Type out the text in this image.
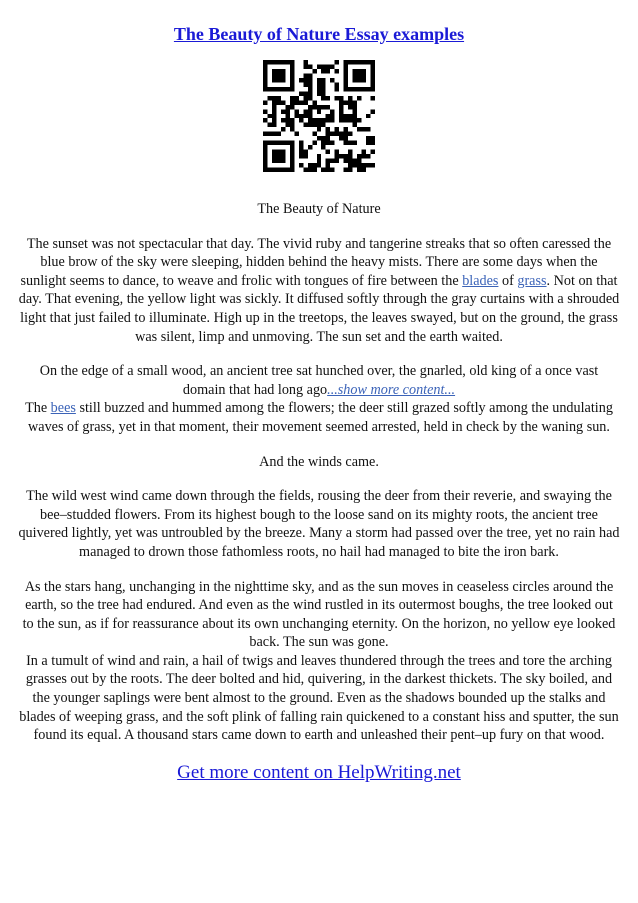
The Beauty of Nature Essay examples

The Beauty of Nature

The sunset was not spectacular that day. The vivid ruby and tangerine streaks that so often caressed the blue brow of the sky were sleeping, hidden behind the heavy mists. There are some days when the sunlight seems to dance, to weave and frolic with tongues of fire between the blades of grass. Not on that day. That evening, the yellow light was sickly. It diffused softly through the gray curtains with a shrouded light that just failed to illuminate. High up in the treetops, the leaves swayed, but on the ground, the grass was silent, limp and unmoving. The sun set and the earth waited.

On the edge of a small wood, an ancient tree sat hunched over, the gnarled, old king of a once vast domain that had long ago...show more content...

The bees still buzzed and hummed among the flowers; the deer still grazed softly among the undulating waves of grass, yet in that moment, their movement seemed arrested, held in check by the waning sun.

And the winds came.

The wild west wind came down through the fields, rousing the deer from their reverie, and swaying the bee–studded flowers. From its highest bough to the loose sand on its mighty roots, the ancient tree quivered lightly, yet was untroubled by the breeze. Many a storm had passed over the tree, yet no rain had managed to drown those fathomless roots, no hail had managed to bite the iron bark.

As the stars hang, unchanging in the nighttime sky, and as the sun moves in ceaseless circles around the earth, so the tree had endured. And even as the wind rustled in its outermost boughs, the tree looked out to the sun, as if for reassurance about its own unchanging eternity. On the horizon, no yellow eye looked back. The sun was gone.

In a tumult of wind and rain, a hail of twigs and leaves thundered through the trees and tore the arching grasses out by the roots. The deer bolted and hid, quivering, in the darkest thickets. The sky boiled, and the younger saplings were bent almost to the ground. Even as the shadows bounded up the stalks and blades of weeping grass, and the soft plink of falling rain quickened to a constant hiss and sputter, the sun found its equal. A thousand stars came down to earth and unleashed their pent–up fury on that wood.

Get more content on HelpWriting.net
